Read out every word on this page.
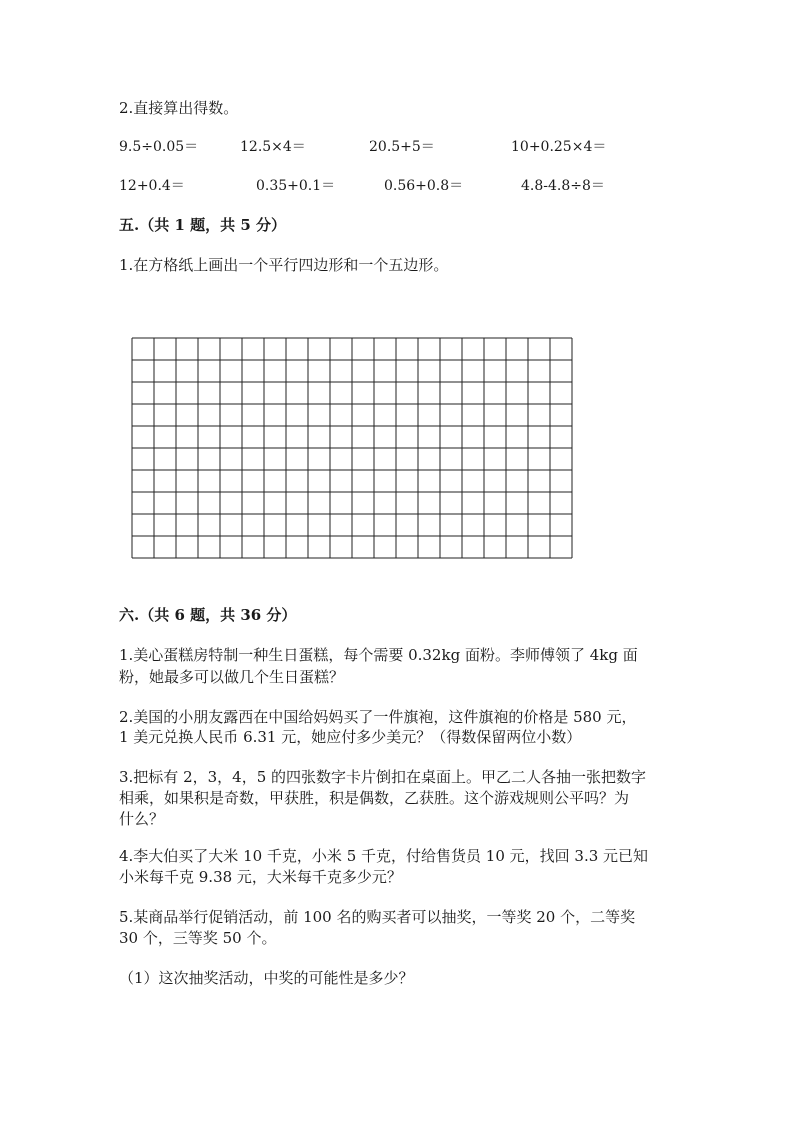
2.直接算出得数。
9.5÷0.05＝	12.5×4＝	20.5+5＝	10+0.25×4＝
12+0.4＝	0.35+0.1＝	0.56+0.8＝	4.8-4.8÷8＝
五.（共 1 题，共 5 分）
1.在方格纸上画出一个平行四边形和一个五边形。
六.（共 6 题，共 36 分）
1.美心蛋糕房特制一种生日蛋糕，每个需要 0.32kg 面粉。李师傅领了 4kg 面
粉，她最多可以做几个生日蛋糕？
2.美国的小朋友露西在中国给妈妈买了一件旗袍，这件旗袍的价格是 580 元，
1 美元兑换人民币 6.31 元，她应付多少美元？（得数保留两位小数）
3.把标有 2，3，4，5 的四张数字卡片倒扣在桌面上。甲乙二人各抽一张把数字
相乘，如果积是奇数，甲获胜，积是偶数，乙获胜。这个游戏规则公平吗？为
什么？
4.李大伯买了大米 10 千克，小米 5 千克，付给售货员 10 元，找回 3.3 元已知
小米每千克 9.38 元，大米每千克多少元？
5.某商品举行促销活动，前 100 名的购买者可以抽奖，一等奖 20 个，二等奖
30 个，三等奖 50 个。
（1）这次抽奖活动，中奖的可能性是多少？
